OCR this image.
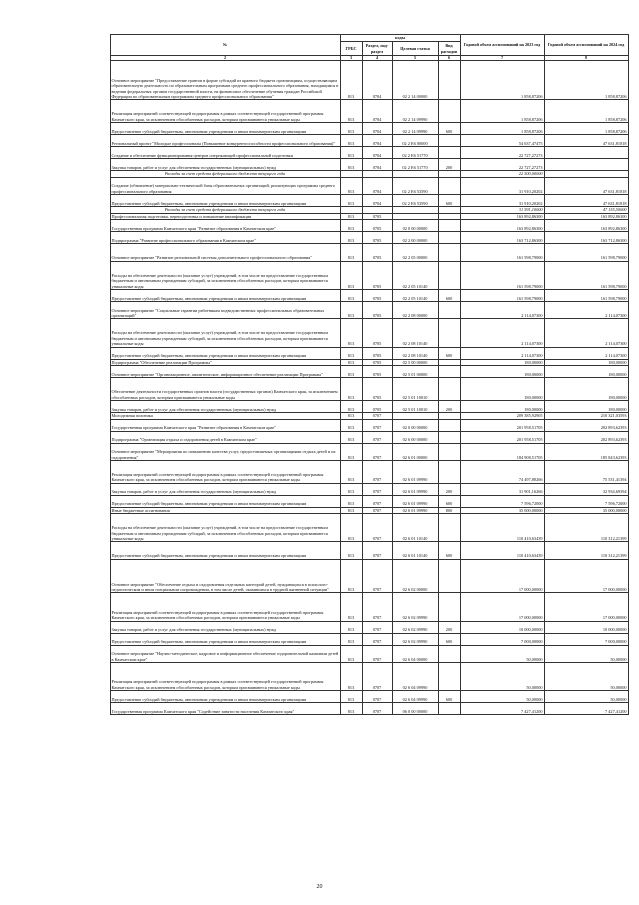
	№	коды				Годовой объем ассигнований на 2023 год	Годовой объем ассигнований на 2024 год
	ГРБС	Раздел, под-раздел	Целевая статья	Вид расходов		
	2	3	4	5	6	7	8
	Основное мероприятие "Предоставление грантов в форме субсидий из краевого бюджета организациям, осуществляющим образовательную деятельность по образовательным программам среднего профессионального образования, находящимся в ведении федеральных органов государственной власти, на финансовое обеспечение обучения граждан Российской Федерации по образовательным программам среднего профессионального образования"	813	0704	02 2 14 00000		1 858,87206	1 858,87206
	Реализация мероприятий соответствующей подпрограммы в рамках соответствующей государственной программы Камчатского края, за исключением обособленных расходов, которым присваиваются уникальные коды	813	0704	02 2 14 09990		1 858,87206	1 858,87206
	Предоставление субсидий бюджетным, автономным учреждениям и иным некоммерческим организациям	813	0704	02 2 14 09990	600	1 858,87206	1 858,87206
	Региональный проект "Молодые профессионалы (Повышение конкурентоспособности профессионального образования)"	813	0704	02 2 E6 00000		54 637,47475	47 631,81818
	Создание и обеспечение функционирования центров опережающей профессиональной подготовки	813	0704	02 2 E6 51770		22 727,27273	
	Закупка товаров, работ и услуг для обеспечения государственных (муниципальных) нужд	813	0704	02 2 E6 51770	200	22 727,27273	
	Расходы за счет средств федерального бюджета текущего года					22 500,00000	
	Создание (обновление) материально-технической базы образовательных организаций, реализующих программы среднего профессионального образования	813	0704	02 2 E6 53590		31 910,20202	47 631,81818
	Предоставление субсидий бюджетным, автономным учреждениям и иным некоммерческим организациям	813	0704	02 2 E6 53590	600	31 910,20202	47 631,81818
	Расходы за счет средств федерального бюджета текущего года					31 591,10000	47 155,50000
	Профессиональная подготовка, переподготовка и повышение квалификации	813	0705			163 892,86300	163 892,86300
	Государственная программа Камчатского края "Развитие образования в Камчатском крае"	813	0705	02 0 00 00000		163 892,86300	163 892,86300
	Подпрограмма "Развитие профессионального образования в Камчатском крае"	813	0705	02 2 00 00000		163 712,86300	163 712,86300
	Основное мероприятие "Развитие региональной системы дополнительного профессионального образования"	813	0705	02 2 05 00000		161 598,79000	161 598,79000
	Расходы на обеспечение деятельности (оказание услуг) учреждений, в том числе на предоставление государственным бюджетным и автономным учреждениям субсидий, за исключением обособленных расходов, которым присваиваются уникальные коды	813	0705	02 2 05 10140		161 598,79000	161 598,79000
	Предоставление субсидий бюджетным, автономным учреждениям и иным некоммерческим организациям	813	0705	02 2 05 10140	600	161 598,79000	161 598,79000
	Основное мероприятие "Социальные гарантии работникам подведомственных профессиональных образовательных организаций"	813	0705	02 2 08 00000		2 114,07300	2 114,07300
	Расходы на обеспечение деятельности (оказание услуг) учреждений, в том числе на предоставление государственным бюджетным и автономным учреждениям субсидий, за исключением обособленных расходов, которым присваиваются уникальные коды	813	0705	02 2 08 10140		2 114,07300	2 114,07300
	Предоставление субсидий бюджетным, автономным учреждениям и иным некоммерческим организациям	813	0705	02 2 08 10140	600	2 114,07300	2 114,07300
	Подпрограмма "Обеспечение реализации Программы"	813	0705	02 5 00 00000		180,00000	180,00000
	Основное мероприятие "Организационное, аналитическое, информационное обеспечение реализации Программы"	813	0705	02 5 01 00000		180,00000	180,00000
	Обеспечение деятельности государственных органов власти (государственных органов) Камчатского края, за исключением обособленных расходов, которым присваиваются уникальные коды	813	0705	02 5 01 10010		180,00000	180,00000
	Закупка товаров, работ и услуг для обеспечения государственных (муниципальных) нужд	813	0705	02 5 01 10010	200	180,00000	180,00000
	Молодежная политика	813	0707			209 385,92905	210 321,03593
	Государственная программа Камчатского края "Развитие образования в Камчатском крае"	813	0707	02 0 00 00000		201 958,51705	202 893,62393
	Подпрограмма "Организация отдыха и оздоровления детей в Камчатском крае"	813	0707	02 6 00 00000		201 958,51705	202 893,62393
	Основное мероприятие "Мероприятия по повышению качества услуг, предоставляемых организациями отдыха детей и их оздоровления"	813	0707	02 6 01 00000		184 908,51705	185 843,62393
	Реализация мероприятий соответствующей подпрограммы в рамках соответствующей государственной программы Камчатского края, за исключением обособленных расходов, которым присваиваются уникальные коды	813	0707	02 6 01 09990		74 497,88266	75 531,41394
	Закупка товаров, работ и услуг для обеспечения государственных (муниципальных) нужд	813	0707	02 6 01 09990	200	31 901,16266	32 934,69394
	Предоставление субсидий бюджетным, автономным учреждениям и иным некоммерческим организациям	813	0707	02 6 01 09990	600	7 596,72000	7 596,72000
	Иные бюджетные ассигнования	813	0707	02 6 01 09990	800	35 000,00000	35 000,00000
	Расходы на обеспечение деятельности (оказание услуг) учреждений, в том числе на предоставление государственным бюджетным и автономным учреждениям субсидий, за исключением обособленных расходов, которым присваиваются уникальные коды	813	0707	02 6 01 10140		110 410,63439	110 312,21399
	Предоставление субсидий бюджетным, автономным учреждениям и иным некоммерческим организациям	813	0707	02 6 01 10140	600	110 410,63439	110 312,21399
	Основное мероприятие "Обеспечение отдыха и оздоровления отдельных категорий детей, нуждающихся в психолого-педагогическом и ином специальном сопровождении, в том числе детей, оказавшихся в трудной жизненной ситуации"	813	0707	02 6 02 00000		17 000,00000	17 000,00000
	Реализация мероприятий соответствующей подпрограммы в рамках соответствующей государственной программы Камчатского края, за исключением обособленных расходов, которым присваиваются уникальные коды	813	0707	02 6 02 09990		17 000,00000	17 000,00000
	Закупка товаров, работ и услуг для обеспечения государственных (муниципальных) нужд	813	0707	02 6 02 09990	200	10 000,00000	10 000,00000
	Предоставление субсидий бюджетным, автономным учреждениям и иным некоммерческим организациям	813	0707	02 6 02 09990	600	7 000,00000	7 000,00000
	Основное мероприятие "Научно-методическое, кадровое и информационное обеспечение оздоровительной кампании детей в Камчатском крае"	813	0707	02 6 04 00000		50,00000	50,00000
	Реализация мероприятий соответствующей подпрограммы в рамках соответствующей государственной программы Камчатского края, за исключением обособленных расходов, которым присваиваются уникальные коды	813	0707	02 6 04 09990		50,00000	50,00000
	Предоставление субсидий бюджетным, автономным учреждениям и иным некоммерческим организациям	813	0707	02 6 04 09990	600	50,00000	50,00000
	Государственная программа Камчатского края "Содействие занятости населения Камчатского края"	813	0707	06 0 00 00000		7 427,41200	7 427,41200
20
